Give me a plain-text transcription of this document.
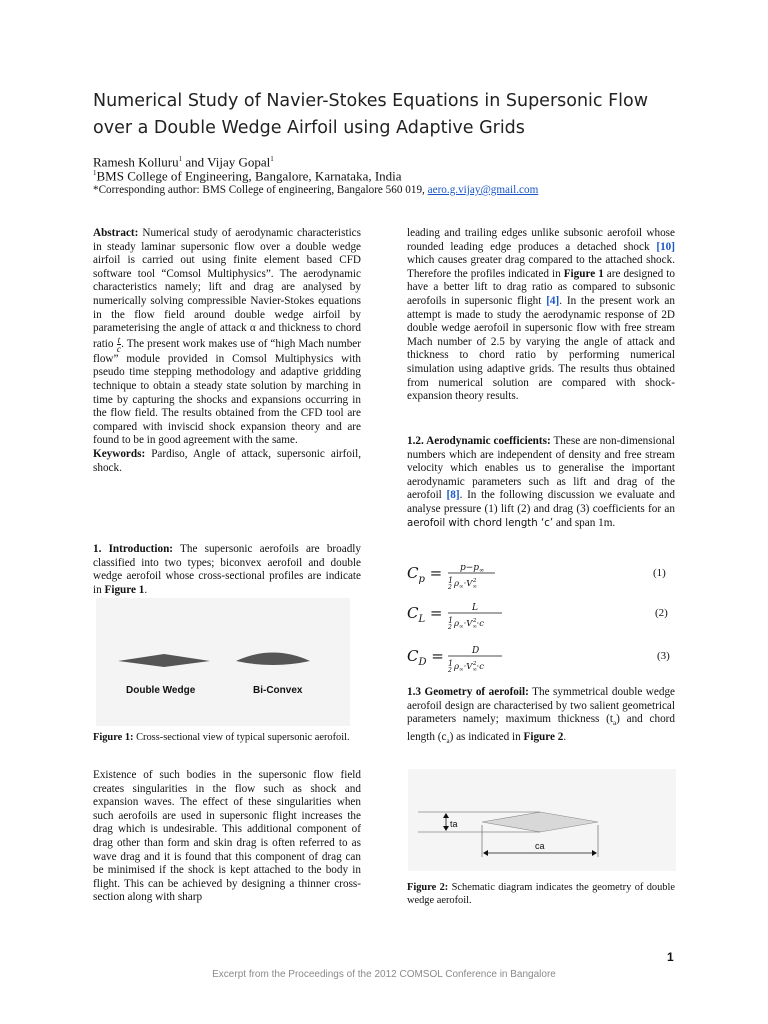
Numerical Study of Navier-Stokes Equations in Supersonic Flow
over a Double Wedge Airfoil using Adaptive Grids
Ramesh Kolluru$^1$ and Vijay Gopal$^1$
$^1$BMS College of Engineering, Bangalore, Karnataka, India
*Corresponding author: BMS College of engineering, Bangalore 560 019, aero.g.vijay@gmail.com

Abstract: Numerical study of aerodynamic characteristics in steady laminar supersonic flow over a double wedge airfoil is carried out using finite element based CFD software tool “Comsol Multiphysics”. The aerodynamic characteristics namely; lift and drag are analysed by numerically solving compressible Navier-Stokes equations in the flow field around double wedge airfoil by parameterising the angle of attack α and thickness to chord ratio $\frac{t}{c}$ . The present work makes use of “high Mach number flow” module provided in Comsol Multiphysics with pseudo time stepping methodology and adaptive gridding technique to obtain a steady state solution by marching in time by capturing the shocks and expansions occurring in the flow field. The results obtained from the CFD tool are compared with inviscid shock expansion theory and are found to be in good agreement with the same.

Keywords: Pardiso, Angle of attack, supersonic airfoil, shock.

1. Introduction: The supersonic aerofoils are broadly classified into two types; biconvex aerofoil and double wedge aerofoil whose cross-sectional profiles are indicate in Figure 1.

Double Wedge	Bi-Convex
Figure 1: Cross-sectional view of typical supersonic aerofoil.

Existence of such bodies in the supersonic flow field creates singularities in the flow such as shock and expansion waves. The effect of these singularities when such aerofoils are used in supersonic flight increases the drag which is undesirable. This additional component of drag other than form and skin drag is often referred to as wave drag and it is found that this component of drag can be minimised if the shock is kept attached to the body in flight. This can be achieved by designing a thinner cross-section along with sharp

leading and trailing edges unlike subsonic aerofoil whose rounded leading edge produces a detached shock [10] which causes greater drag compared to the attached shock. Therefore the profiles indicated in Figure 1 are designed to have a better lift to drag ratio as compared to subsonic aerofoils in supersonic flight [4]. In the present work an attempt is made to study the aerodynamic response of 2D double wedge aerofoil in supersonic flow with free stream Mach number of 2.5 by varying the angle of attack and thickness to chord ratio by performing numerical simulation using adaptive grids. The results thus obtained from numerical solution are compared with shock-expansion theory results.

1.2. Aerodynamic coefficients: These are non-dimensional numbers which are independent of density and free stream velocity which enables us to generalise the important aerodynamic parameters such as lift and drag of the aerofoil [8]. In the following discussion we evaluate and analyse pressure (1) lift (2) and drag (3) coefficients for an aerofoil with chord length ‘c’ and span 1m.

$C_p = p-p_\infty$
1
2 $\rho_\infty\cdot V_\infty 2$
(1)
$C_L$ =	L
1
2 $\rho_\infty\cdot V_\infty 2\cdot c$
(2)
$C_D$ =	D
1
2 $\rho_\infty\cdot V_\infty 2\cdot c$
(3)

1.3 Geometry of aerofoil: The symmetrical double wedge aerofoil design are characterised by two salient geometrical parameters namely; maximum thickness $(t_a)$ and chord length $(c_a)$ as indicated in Figure 2.

ta
ca
Figure 2: Schematic diagram indicates the geometry of double wedge aerofoil.
1
Excerpt from the Proceedings of the 2012 COMSOL Conference in Bangalore
